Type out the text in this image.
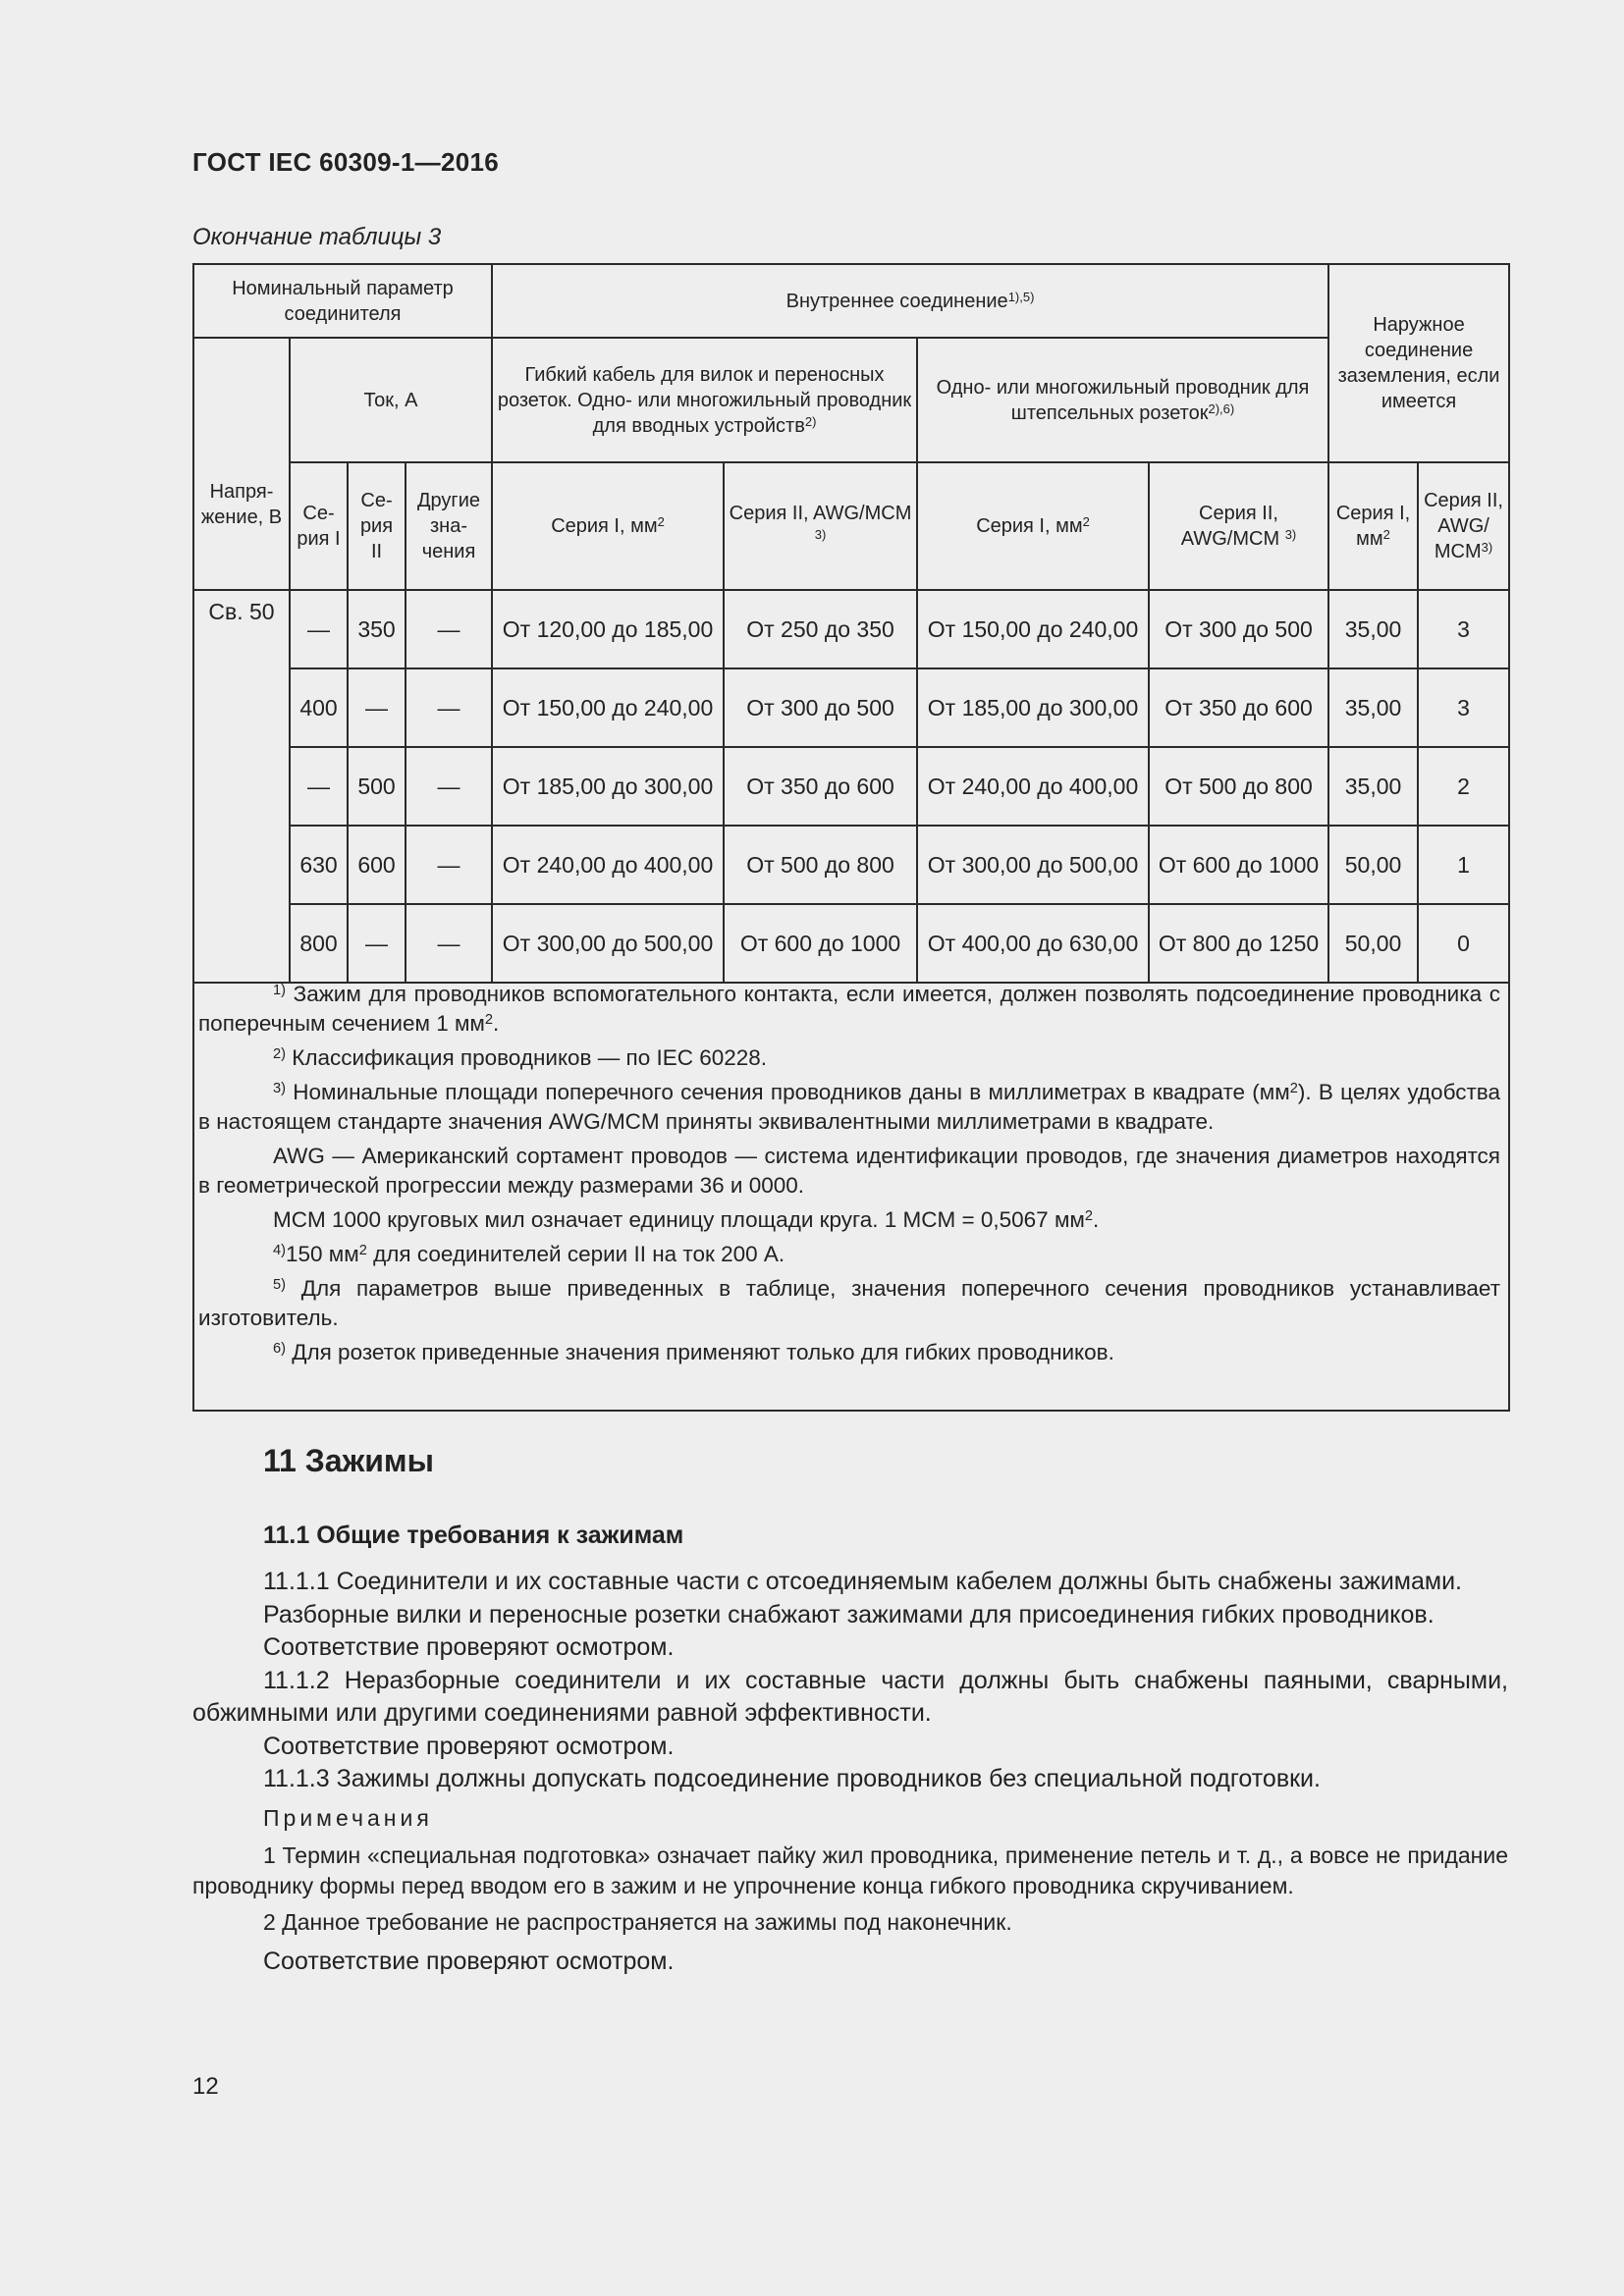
ГОСТ IEC 60309-1—2016
Окончание таблицы 3
Номинальный параметр соединителя				Внутреннее соединение$^{1),5)}$				Наружное соединение заземления, если имеется	
Напря-жение, В	Ток, А			Гибкий кабель для вилок и переносных розеток. Одно- или многожильный проводник для вводных устройств$^{2)}$		Одно- или многожильный проводник для штепсельных розеток$^{2),6)}$
	Се-рия I	Се-рия II	Другие зна-чения	Серия I, $мм^2$	Серия II, AWG/MCM $^{3)}$	Серия I, $мм^2$	Серия II, AWG/MCM $^{3)}$	Серия I, $мм^2$	Серия II, AWG/ MCM$^{3)}$
Св. 50	—	350	—	От 120,00 до 185,00	От 250 до 350	От 150,00 до 240,00	От 300 до 500	35,00	3
	400	—	—	От 150,00 до 240,00	От 300 до 500	От 185,00 до 300,00	От 350 до 600	35,00	3
	—	500	—	От 185,00 до 300,00	От 350 до 600	От 240,00 до 400,00	От 500 до 800	35,00	2
	630	600	—	От 240,00 до 400,00	От 500 до 800	От 300,00 до 500,00	От 600 до 1000	50,00	1
	800	—	—	От 300,00 до 500,00	От 600 до 1000	От 400,00 до 630,00	От 800 до 1250	50,00	0

$^{1)}$ Зажим для проводников вспомогательного контакта, если имеется, должен позволять подсоединение проводника с поперечным сечением 1 $мм^2$.

$^{2)}$ Классификация проводников — по IEC 60228.

$^{3)}$ Номинальные площади поперечного сечения проводников даны в миллиметрах в квадрате $(мм^2)$. В целях удобства в настоящем стандарте значения AWG/MCM приняты эквивалентными миллиметрами в квадрате.

AWG — Американский сортамент проводов — система идентификации проводов, где значения диаметров находятся в геометрической прогрессии между размерами 36 и 0000.

MCM 1000 круговых мил означает единицу площади круга. 1 MCM = 0,5067 $мм^2$.

$^{4)}$150 $мм^2$ для соединителей серии II на ток 200 А.

$^{5)}$ Для параметров выше приведенных в таблице, значения поперечного сечения проводников устанавливает изготовитель.

$^{6)}$ Для розеток приведенные значения применяют только для гибких проводников.

11 Зажимы
11.1 Общие требования к зажимам

11.1.1 Соединители и их составные части с отсоединяемым кабелем должны быть снабжены зажимами.

Разборные вилки и переносные розетки снабжают зажимами для присоединения гибких проводников.

Соответствие проверяют осмотром.

11.1.2 Неразборные соединители и их составные части должны быть снабжены паяными, сварными, обжимными или другими соединениями равной эффективности.

Соответствие проверяют осмотром.

11.1.3 Зажимы должны допускать подсоединение проводников без специальной подготовки.

Примечания

1 Термин «специальная подготовка» означает пайку жил проводника, применение петель и т. д., а вовсе не придание проводнику формы перед вводом его в зажим и не упрочнение конца гибкого проводника скручиванием.

2 Данное требование не распространяется на зажимы под наконечник.

Соответствие проверяют осмотром.

12
